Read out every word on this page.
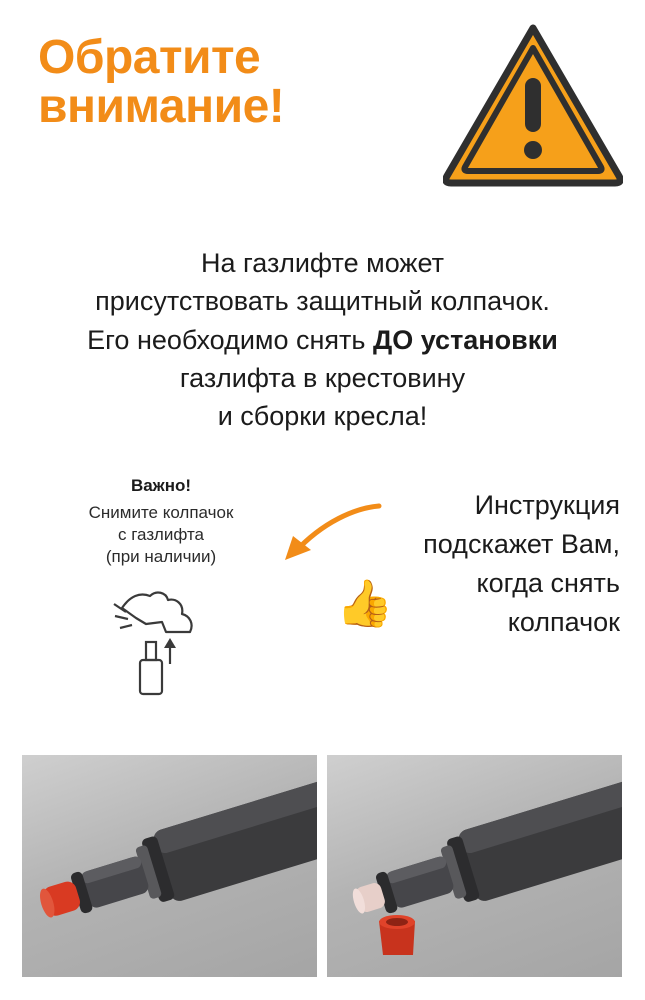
Обратите
внимание!
На газлифте может
присутствовать защитный колпачок.
Его необходимо снять ДО установки
газлифта в крестовину
и сборки кресла!
Важно!
Снимите колпачок
с газлифта
(при наличии)
Инструкция
подскажет Вам,
когда снять
колпачок
👍
